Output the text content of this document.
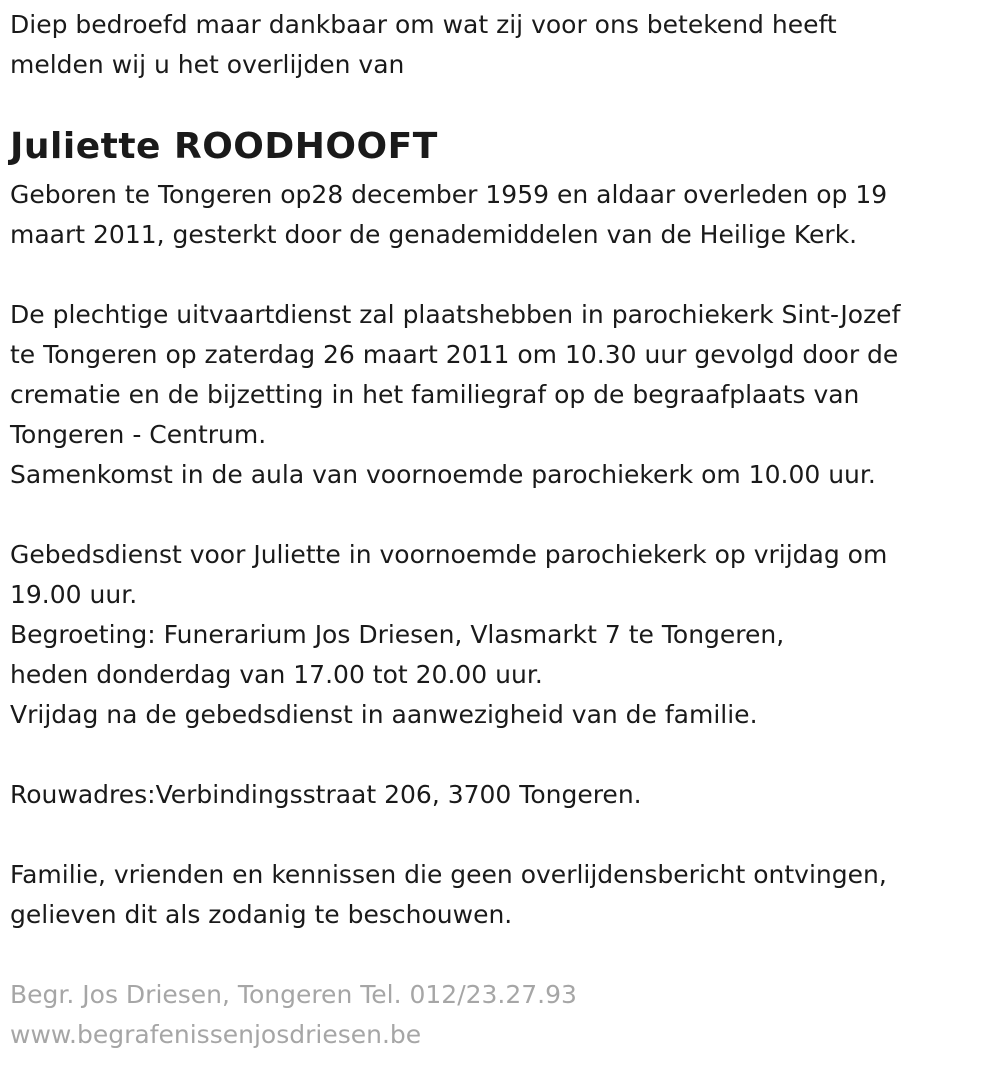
Diep bedroefd maar dankbaar om wat zij voor ons betekend heeft
melden wij u het overlijden van
Juliette ROODHOOFT
Geboren te Tongeren op28 december 1959 en aldaar overleden op 19
maart 2011, gesterkt door de genademiddelen van de Heilige Kerk.
De plechtige uitvaartdienst zal plaatshebben in parochiekerk Sint-Jozef
te Tongeren op zaterdag 26 maart 2011 om 10.30 uur gevolgd door de
crematie en de bijzetting in het familiegraf op de begraafplaats van
Tongeren - Centrum.
Samenkomst in de aula van voornoemde parochiekerk om 10.00 uur.
Gebedsdienst voor Juliette in voornoemde parochiekerk op vrijdag om
19.00 uur.
Begroeting: Funerarium Jos Driesen, Vlasmarkt 7 te Tongeren,
heden donderdag van 17.00 tot 20.00 uur.
Vrijdag na de gebedsdienst in aanwezigheid van de familie.
Rouwadres:Verbindingsstraat 206, 3700 Tongeren.
Familie, vrienden en kennissen die geen overlijdensbericht ontvingen,
gelieven dit als zodanig te beschouwen.
Begr. Jos Driesen, Tongeren Tel. 012/23.27.93
www.begrafenissenjosdriesen.be
